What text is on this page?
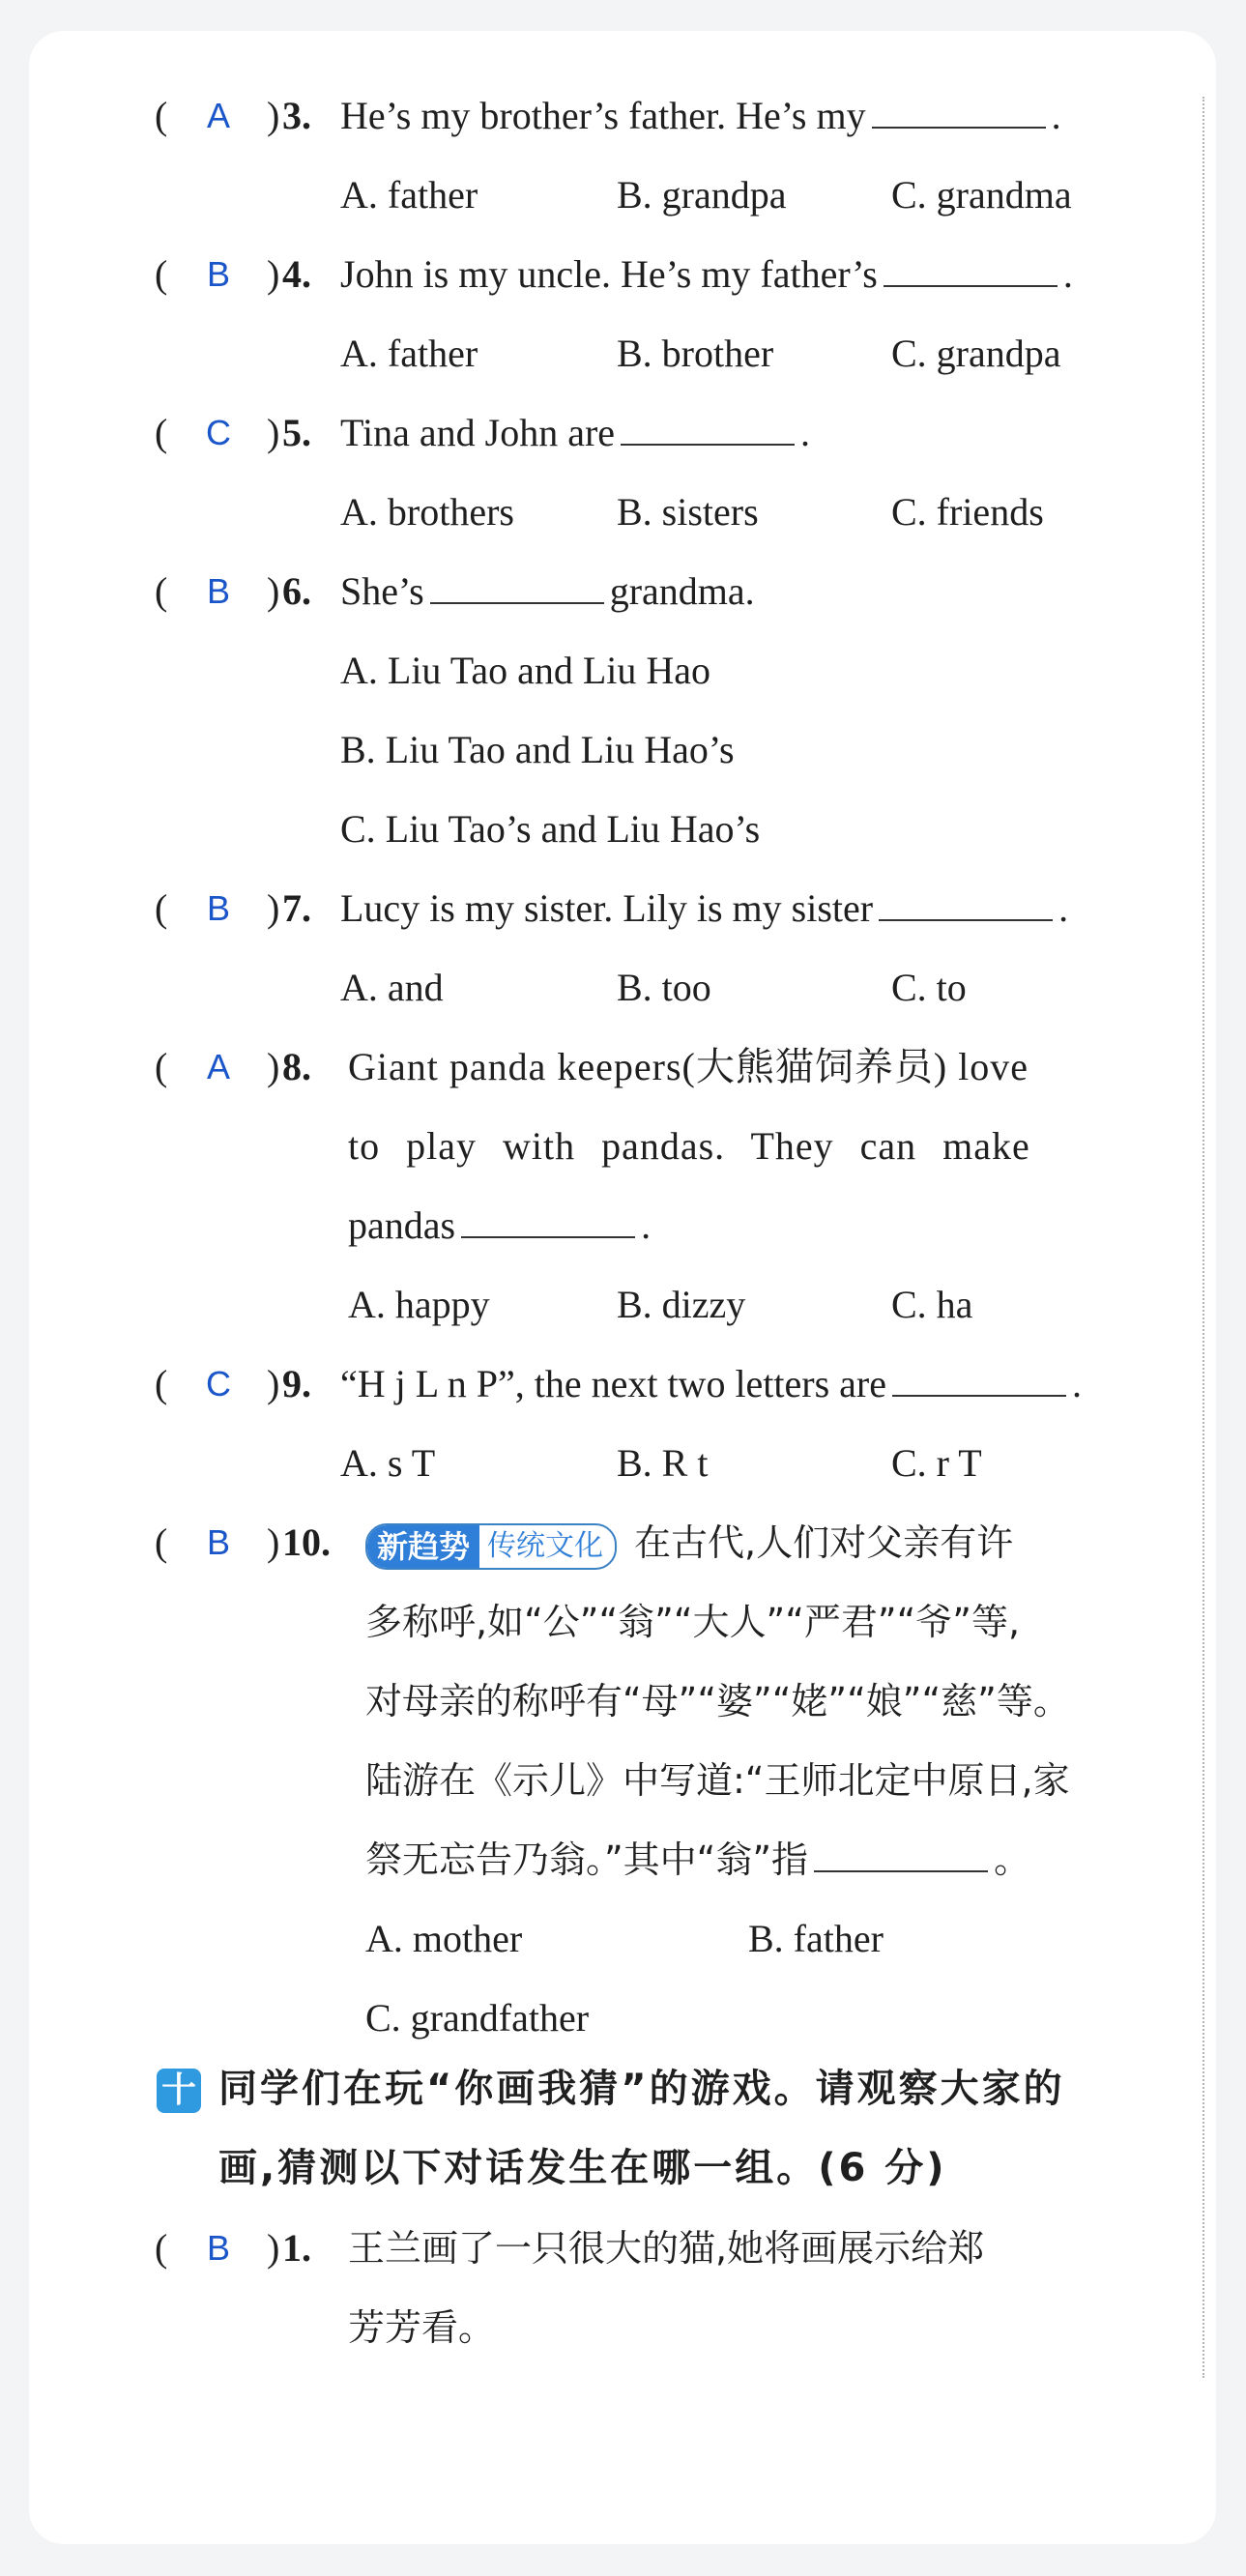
(	A ) 3. He’s my brother’s father. He’s my	.
A. father	B. grandpa	C. grandma
(	B ) 4. John is my uncle. He’s my father’s	.
A. father	B. brother	C. grandpa
(	C ) 5. Tina and John are	.
A. brothers	B. sisters	C. friends
(	B ) 6. She’s	grandma.
A. Liu Tao and Liu Hao
B. Liu Tao and Liu Hao’s
C. Liu Tao’s and Liu Hao’s
(	B ) 7. Lucy is my sister. Lily is my sister	.
A. and	B. too	C. to
(	A ) 8. Giant panda keepers(大熊猫饲养员) love
to play with pandas. They can make
pandas	.
A. happy	B. dizzy	C. ha
(	C ) 9. “H j L n P”, the next two letters are	.
A. s T	B. R t	C. r T
(	B ) 10.	新趋势 传统文化 在古代,人们对父亲有许
多称呼,如“公”“翁”“大人”“严君”“爷”等,
对母亲的称呼有“母”“婆”“姥”“娘”“慈”等。
陆游在《示儿》中写道:“王师北定中原日,家
祭无忘告乃翁。”其中“翁”指	。
A. mother	B. father
C. grandfather
十 同学们在玩“你画我猜”的游戏。请观察大家的
画,猜测以下对话发生在哪一组。(6 分)
(	B ) 1. 王兰画了一只很大的猫,她将画展示给郑
芳芳看。
